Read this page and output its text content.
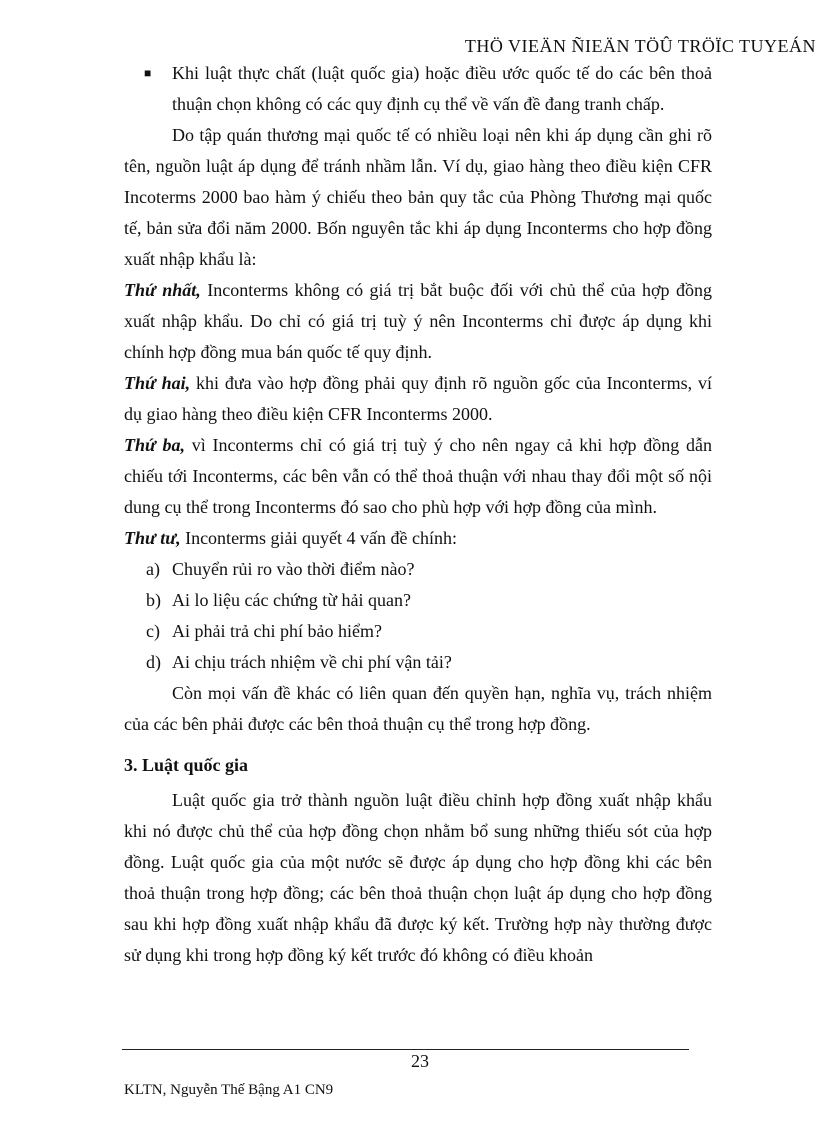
THÖ VIEÄN ÑIEÄN TÖÛ TRÖÏC TUYEÁN
■	Khi luật thực chất (luật quốc gia) hoặc điều ước quốc tế do các bên thoả thuận chọn không có các quy định cụ thể về vấn đề đang tranh chấp.

Do tập quán thương mại quốc tế có nhiều loại nên khi áp dụng cần ghi rõ tên, nguồn luật áp dụng để tránh nhầm lẫn. Ví dụ, giao hàng theo điều kiện CFR Incoterms 2000 bao hàm ý chiếu theo bản quy tắc của Phòng Thương mại quốc tế, bản sửa đổi năm 2000. Bốn nguyên tắc khi áp dụng Inconterms cho hợp đồng xuất nhập khẩu là:

Thứ nhất, Inconterms không có giá trị bắt buộc đối với chủ thể của hợp đồng xuất nhập khẩu. Do chỉ có giá trị tuỳ ý nên Inconterms chỉ được áp dụng khi chính hợp đồng mua bán quốc tế quy định.

Thứ hai, khi đưa vào hợp đồng phải quy định rõ nguồn gốc của Inconterms, ví dụ giao hàng theo điều kiện CFR Inconterms 2000.

Thứ ba, vì Inconterms chỉ có giá trị tuỳ ý cho nên ngay cả khi hợp đồng dẫn chiếu tới Inconterms, các bên vẫn có thể thoả thuận với nhau thay đổi một số nội dung cụ thể trong Inconterms đó sao cho phù hợp với hợp đồng của mình.

Thư tư, Inconterms giải quyết 4 vấn đề chính:

a) Chuyển rủi ro vào thời điểm nào?
b) Ai lo liệu các chứng từ hải quan?
c) Ai phải trả chi phí bảo hiểm?
d) Ai chịu trách nhiệm về chi phí vận tải?

Còn mọi vấn đề khác có liên quan đến quyền hạn, nghĩa vụ, trách nhiệm của các bên phải được các bên thoả thuận cụ thể trong hợp đồng.

3. Luật quốc gia

Luật quốc gia trở thành nguồn luật điều chỉnh hợp đồng xuất nhập khẩu khi nó được chủ thể của hợp đồng chọn nhằm bổ sung những thiếu sót của hợp đồng. Luật quốc gia của một nước sẽ được áp dụng cho hợp đồng khi các bên thoả thuận trong hợp đồng; các bên thoả thuận chọn luật áp dụng cho hợp đồng sau khi hợp đồng xuất nhập khẩu đã được ký kết. Trường hợp này thường được sử dụng khi trong hợp đồng ký kết trước đó không có điều khoản

23
KLTN, Nguyễn Thế Bậng A1 CN9
